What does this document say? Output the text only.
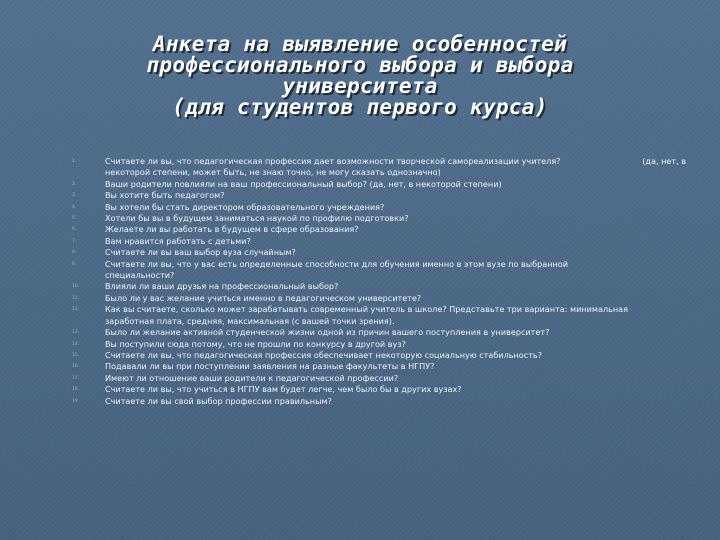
Анкета на выявление особенностей
профессионального выбора и выбора
университета
(для студентов первого курса)
1.	Считаете ли вы, что педагогическая профессия дает возможности творческой самореализации учителя?	(да, нет, в

некоторой степени, может быть, не знаю точно, не могу сказать однозначно)
2.	Ваши родители повлияли на ваш профессиональный выбор? (да, нет, в некоторой степени)
3.	Вы хотите быть педагогом?
4.	Вы хотели бы стать директором образовательного учреждения?
5.	Хотели бы вы в будущем заниматься наукой по профилю подготовки?
6.	Желаете ли вы работать в будущем в сфере образования?
7.	Вам нравится работать с детьми?
8.	Считаете ли вы ваш выбор вуза случайным?
9.	Считаете ли вы, что у вас есть определенные способности для обучения именно в этом вузе по выбранной
специальности?
10.	Влияли ли ваши друзья на профессиональный выбор?
11.	Было ли у вас желание учиться именно в педагогическом университете?
12.	Как вы считаете, сколько может зарабатывать современный учитель в школе? Представьте три варианта: минимальная
заработная плата, средняя, максимальная (с вашей точки зрения).
13.	Было ли желание активной студенческой жизни одной из причин вашего поступления в университет?
14.	Вы поступили сюда потому, что не прошли по конкурсу в другой вуз?
15.	Считаете ли вы, что педагогическая профессия обеспечивает некоторую социальную стабильность?
16.	Подавали ли вы при поступлении заявления на разные факультеты в НГПУ?
17.	Имеют ли отношение ваши родители к педагогической профессии?
18.	Считаете ли вы, что учиться в НГПУ вам будет легче, чем было бы в других вузах?
19.	Считаете ли вы свой выбор профессии правильным?
